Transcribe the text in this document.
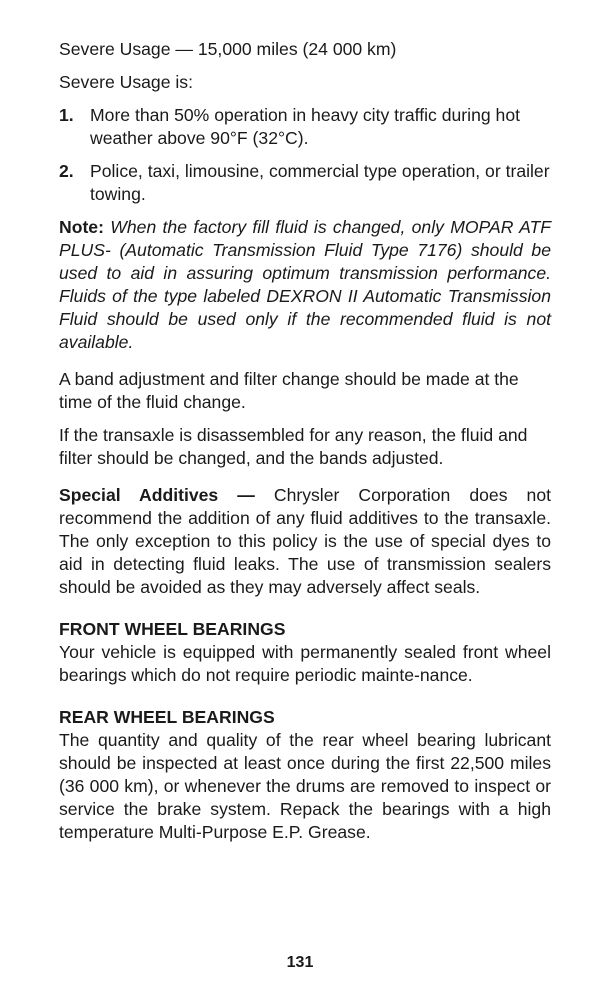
Severe Usage — 15,000 miles (24 000 km)

Severe Usage is:

1. More than 50% operation in heavy city traffic during hot weather above 90°F (32°C).
2. Police, taxi, limousine, commercial type operation, or trailer towing.

Note: When the factory fill fluid is changed, only MOPAR ATF PLUS- (Automatic Transmission Fluid Type 7176) should be used to aid in assuring optimum transmission performance. Fluids of the type labeled DEXRON II Automatic Transmission Fluid should be used only if the recommended fluid is not available.

A band adjustment and filter change should be made at the time of the fluid change.

If the transaxle is disassembled for any reason, the fluid and filter should be changed, and the bands adjusted.

Special Additives — Chrysler Corporation does not recommend the addition of any fluid additives to the transaxle. The only exception to this policy is the use of special dyes to aid in detecting fluid leaks. The use of transmission sealers should be avoided as they may adversely affect seals.

FRONT WHEEL BEARINGS

Your vehicle is equipped with permanently sealed front wheel bearings which do not require periodic mainte-nance.

REAR WHEEL BEARINGS

The quantity and quality of the rear wheel bearing lubricant should be inspected at least once during the first 22,500 miles (36 000 km), or whenever the drums are removed to inspect or service the brake system. Repack the bearings with a high temperature Multi-Purpose E.P. Grease.

131
